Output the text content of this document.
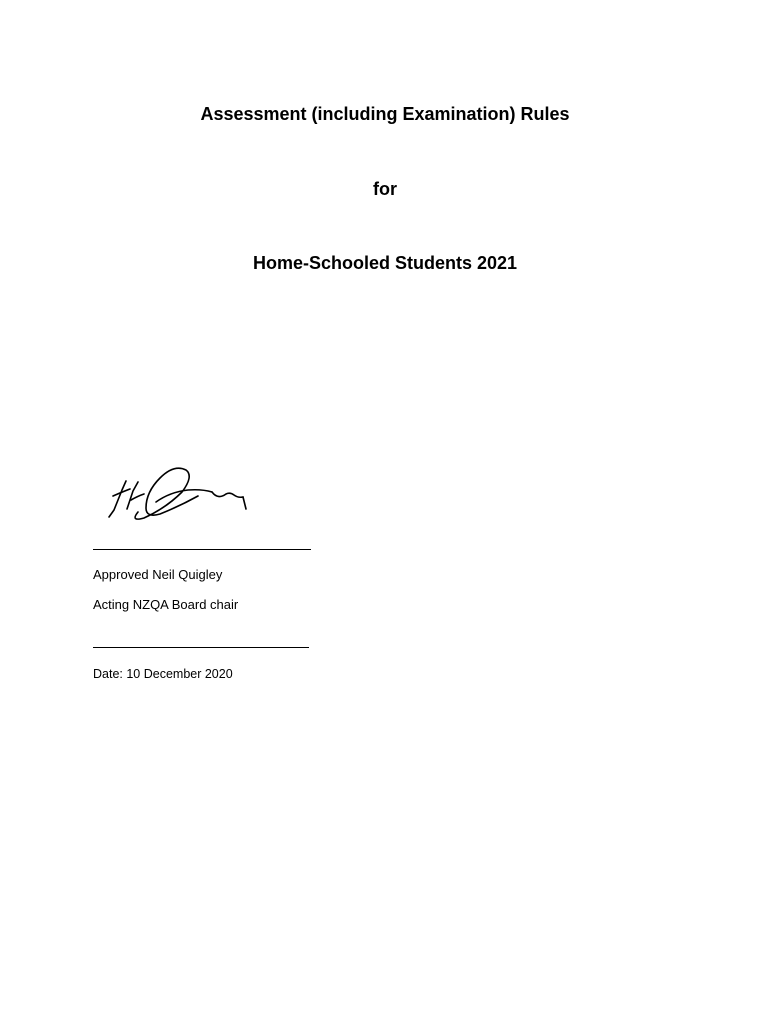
Assessment (including Examination) Rules
for
Home-Schooled Students 2021

Approved Neil Quigley

Acting NZQA Board chair

Date: 10 December 2020
